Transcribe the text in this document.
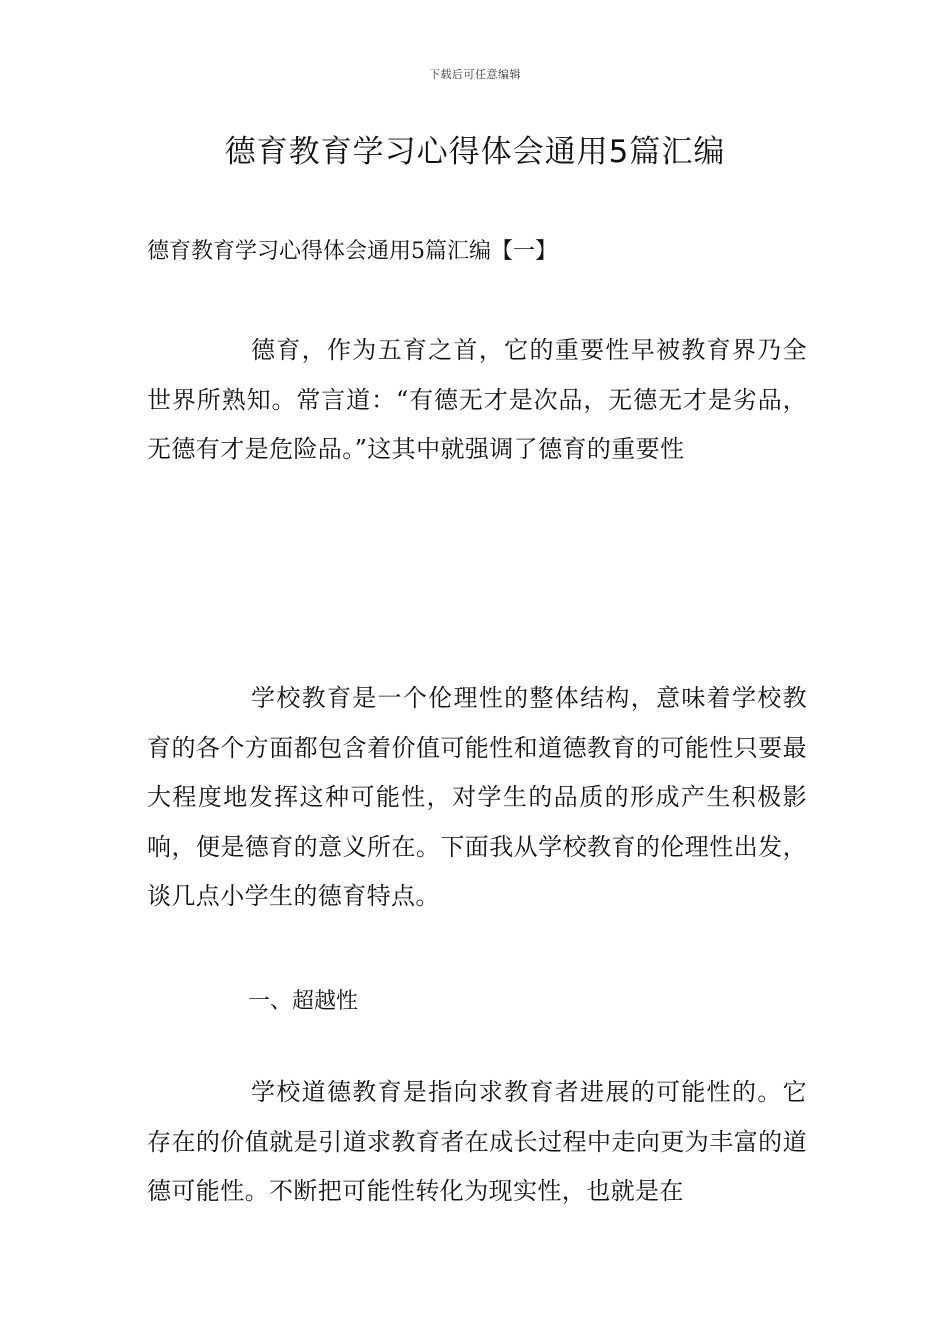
下载后可任意编辑
德育教育学习心得体会通用5篇汇编
德育教育学习心得体会通用5篇汇编【一】
德育，作为五育之首，它的重要性早被教育界乃全世界所熟知。常言道：“有德无才是次品，无德无才是劣品，无德有才是危险品。”这其中就强调了德育的重要性
学校教育是一个伦理性的整体结构，意味着学校教育的各个方面都包含着价值可能性和道德教育的可能性只要最大程度地发挥这种可能性，对学生的品质的形成产生积极影响，便是德育的意义所在。下面我从学校教育的伦理性出发，谈几点小学生的德育特点。
一、超越性
学校道德教育是指向求教育者进展的可能性的。它存在的价值就是引道求教育者在成长过程中走向更为丰富的道德可能性。不断把可能性转化为现实性，也就是在
